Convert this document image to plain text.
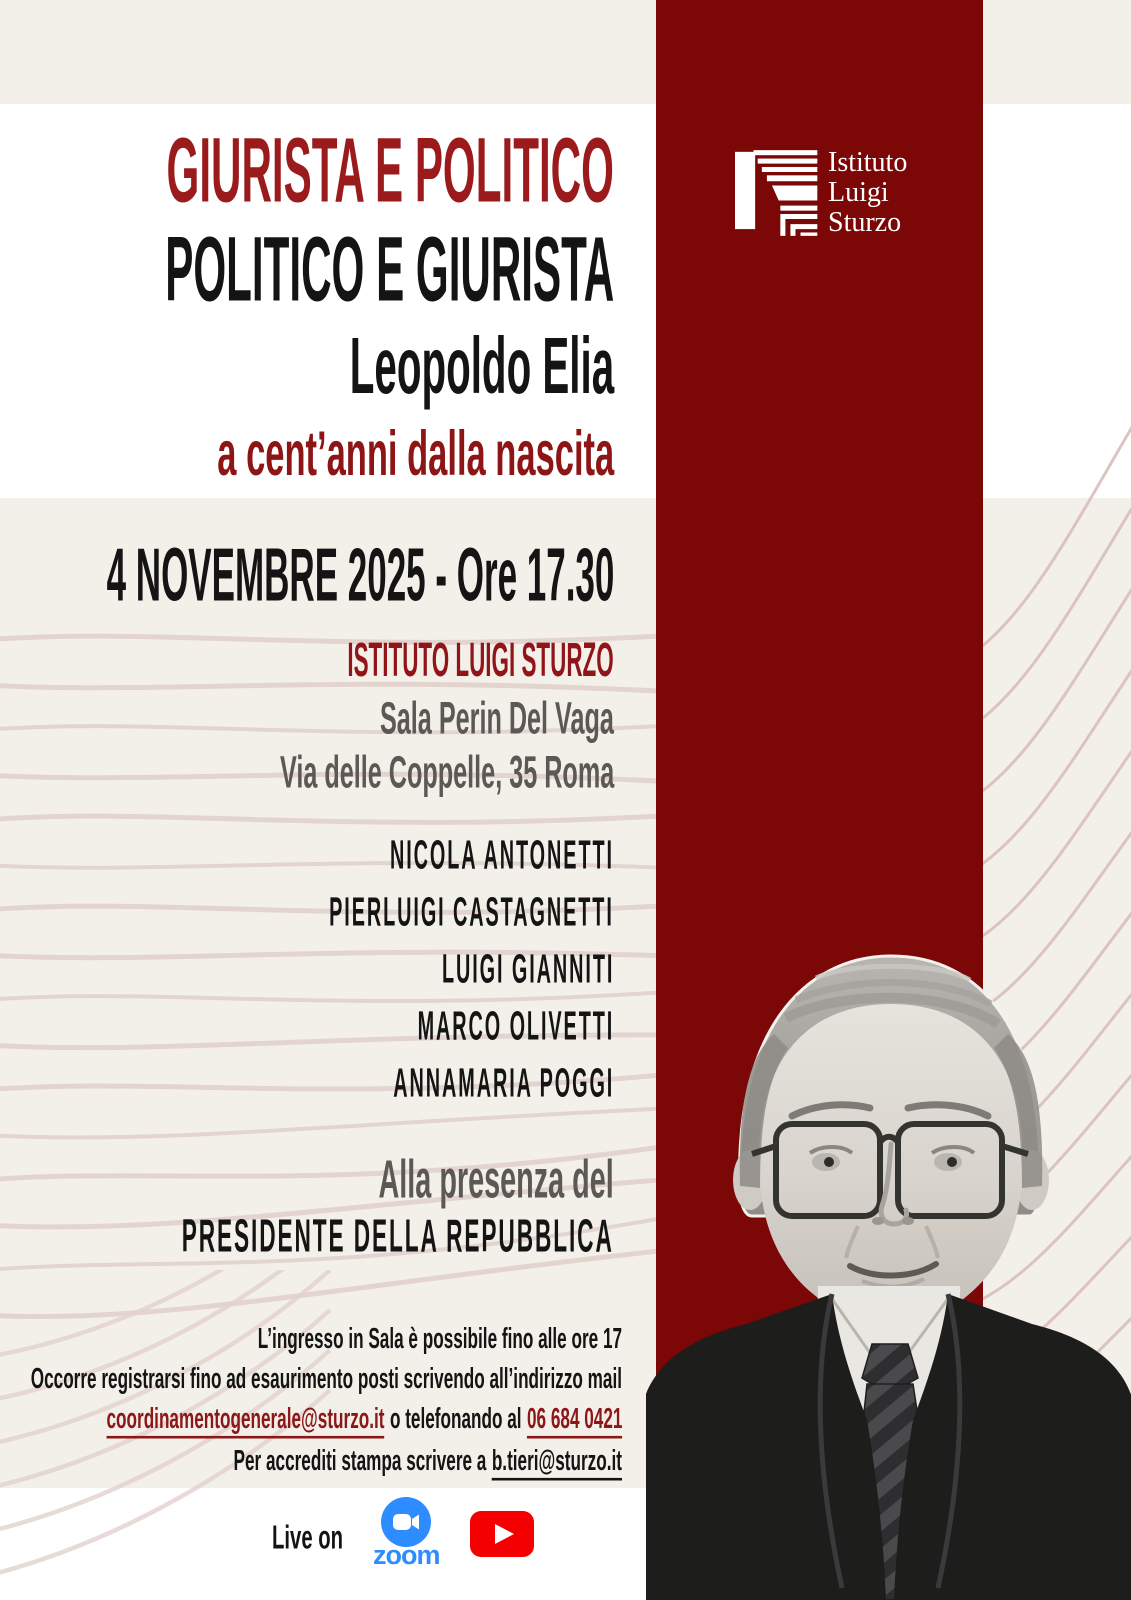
Istituto
Luigi
Sturzo
GIURISTA E POLITICO
POLITICO E GIURISTA
Leopoldo Elia
a cent’anni dalla nascita
4 NOVEMBRE 2025 - Ore 17.30
ISTITUTO LUIGI STURZO
Sala Perin Del Vaga
Via delle Coppelle, 35 Roma
NICOLA ANTONETTI
PIERLUIGI CASTAGNETTI
LUIGI GIANNITI
MARCO OLIVETTI
ANNAMARIA POGGI
Alla presenza del
PRESIDENTE DELLA REPUBBLICA
L’ingresso in Sala è possibile fino alle ore 17
Occorre registrarsi fino ad esaurimento posti scrivendo all’indirizzo mail
coordinamentogenerale@sturzo.it o telefonando al 06 684 0421
Per accrediti stampa scrivere a b.tieri@sturzo.it
Live on zoom
